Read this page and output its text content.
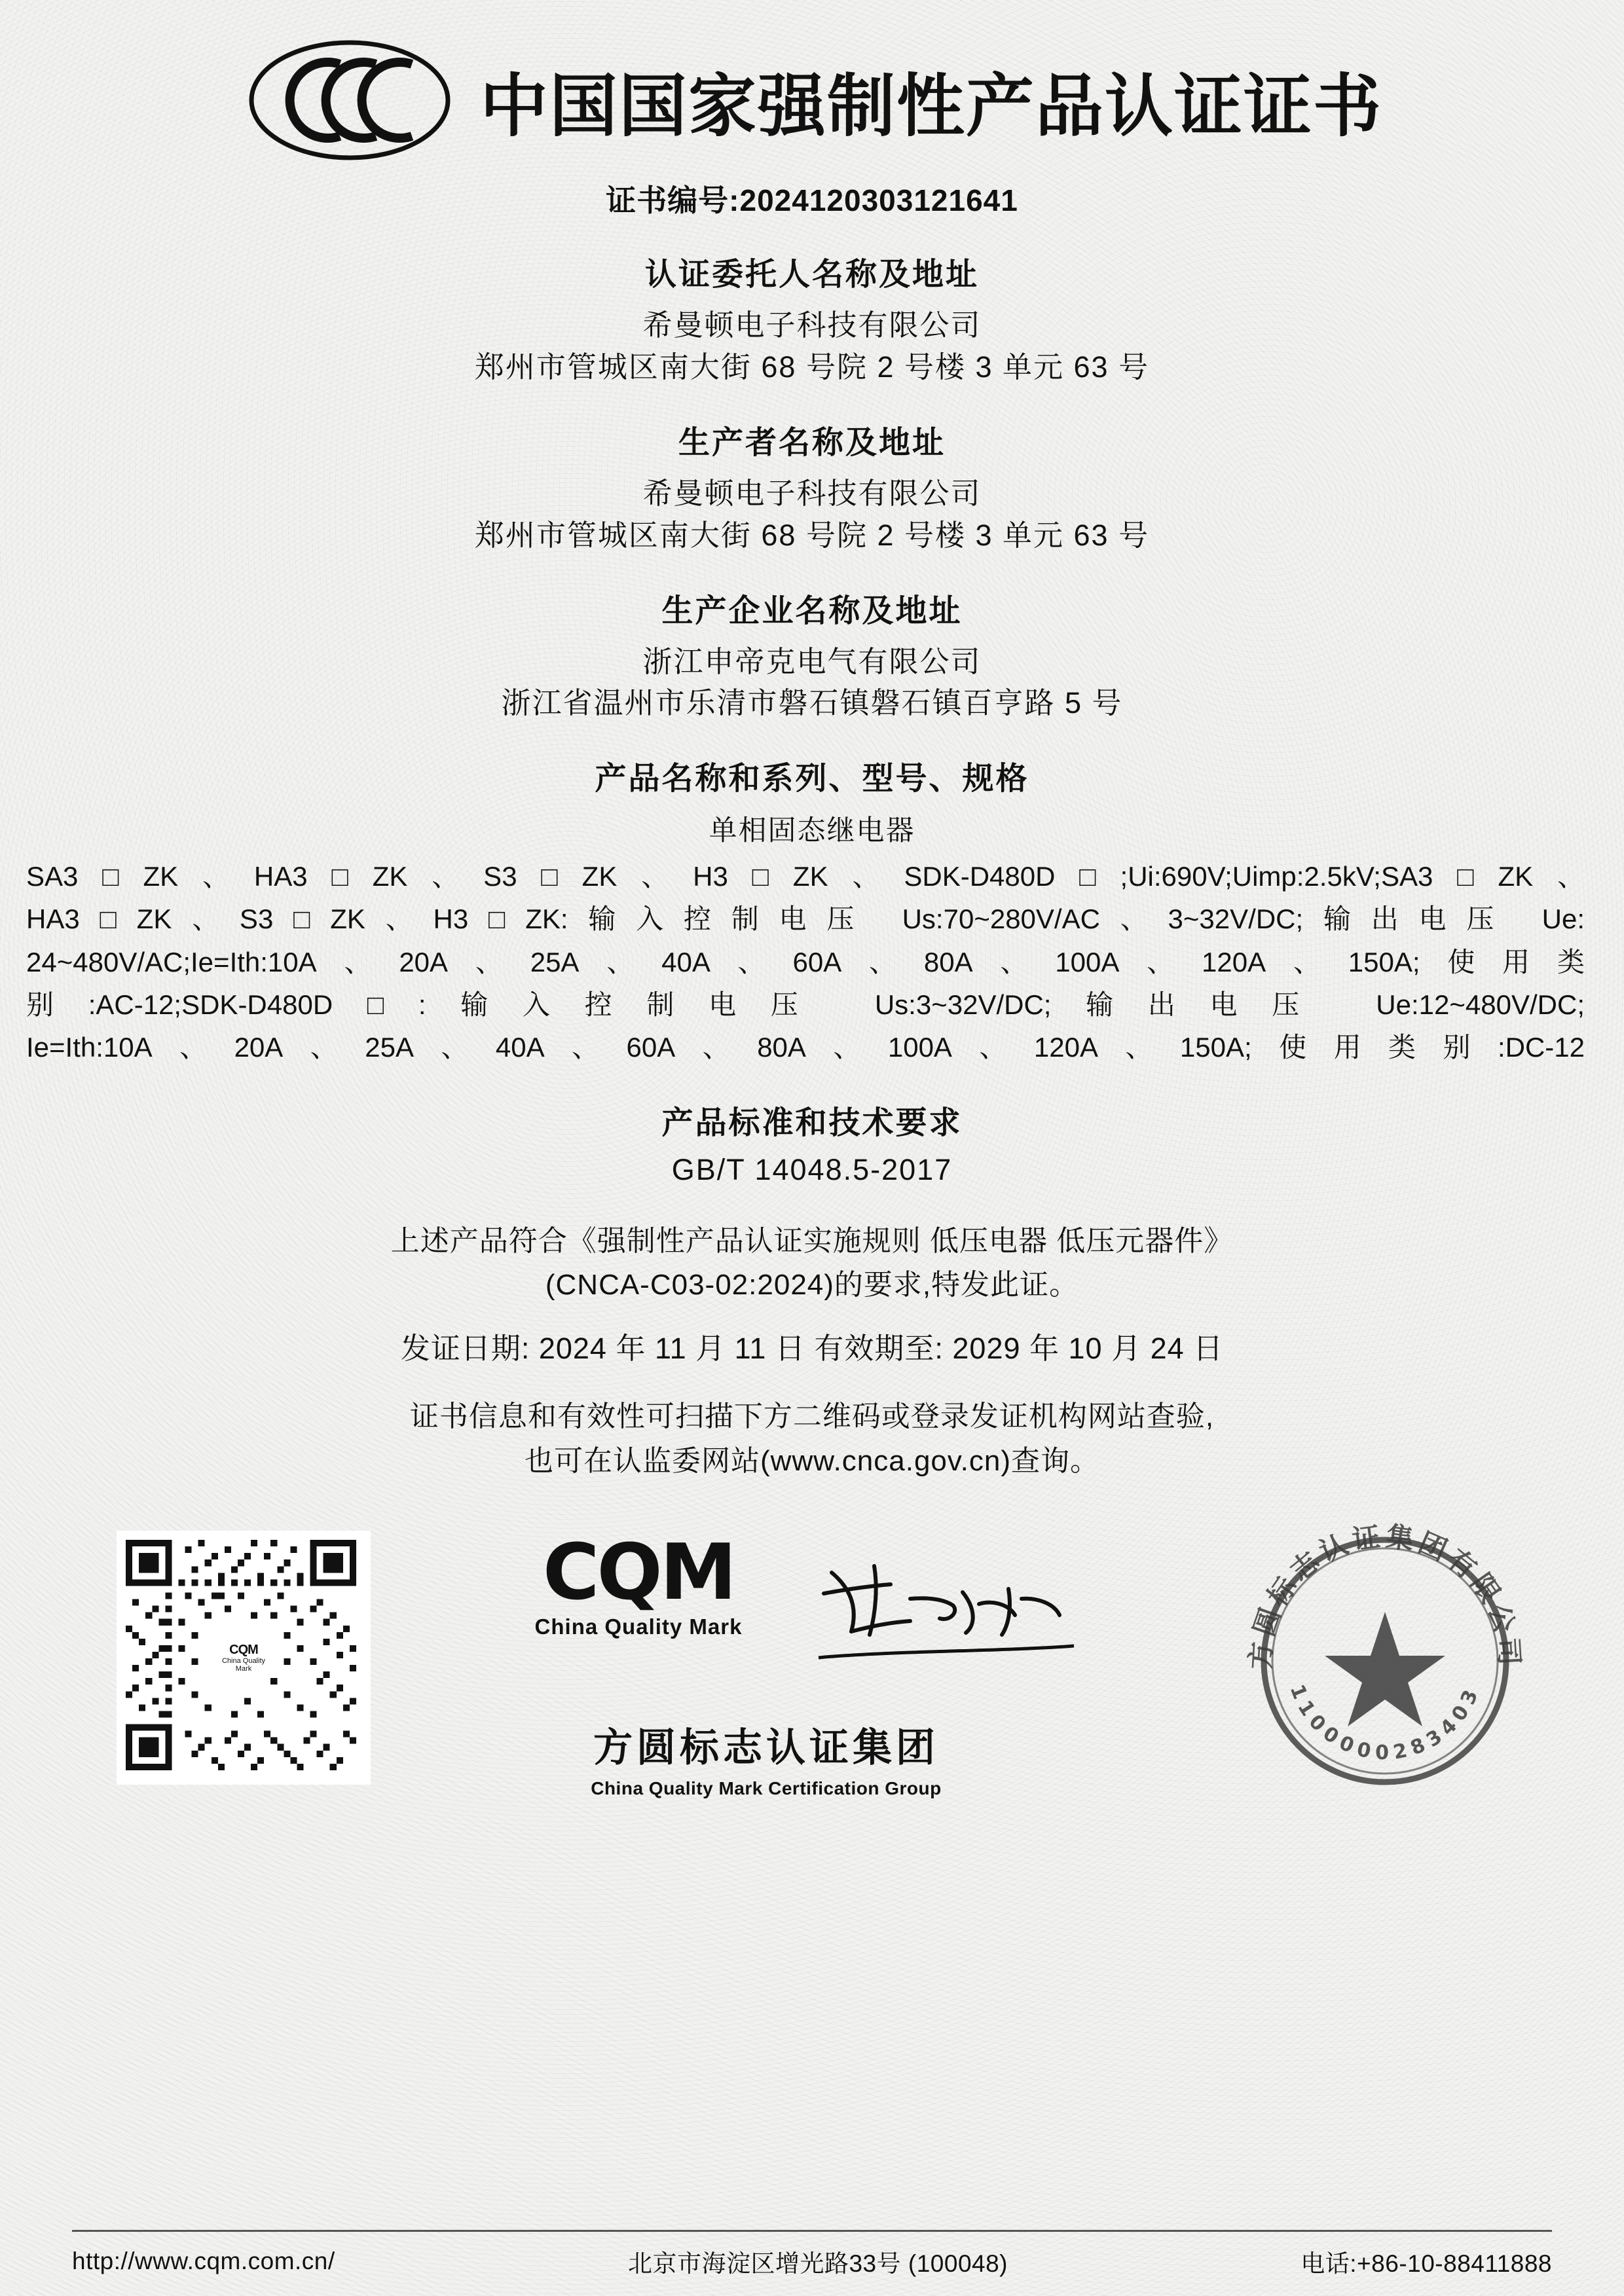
中国国家强制性产品认证证书
证书编号:2024120303121641
认证委托人名称及地址
希曼顿电子科技有限公司
郑州市管城区南大街 68 号院 2 号楼 3 单元 63 号
生产者名称及地址
希曼顿电子科技有限公司
郑州市管城区南大街 68 号院 2 号楼 3 单元 63 号
生产企业名称及地址
浙江申帝克电气有限公司
浙江省温州市乐清市磐石镇磐石镇百亨路 5 号
产品名称和系列、型号、规格
单相固态继电器
SA3□ZK、HA3□ZK、S3□ZK、H3□ZK、SDK-D480D□;Ui:690V;Uimp:2.5kV;SA3□ZK、
HA3□ZK、S3□ZK、H3□ZK:输入控制电压 Us:70~280V/AC、3~32V/DC;输出电压 Ue:
24~480V/AC;Ie=Ith:10A、20A、25A、40A、60A、80A、100A、120A、150A;使用类
别:AC-12;SDK-D480D□:输入控制电压 Us:3~32V/DC;输出电压 Ue:12~480V/DC;
Ie=Ith:10A、20A、25A、40A、60A、80A、100A、120A、150A;使用类别:DC-12
产品标准和技术要求
GB/T 14048.5-2017
上述产品符合《强制性产品认证实施规则 低压电器 低压元器件》
(CNCA-C03-02:2024)的要求,特发此证。
发证日期: 2024 年 11 月 11 日 有效期至: 2029 年 10 月 24 日
证书信息和有效性可扫描下方二维码或登录发证机构网站查验,
也可在认监委网站(www.cnca.gov.cn)查询。
CQM
China Quality Mark
CQM
China Quality Mark
方圆标志认证集团
China Quality Mark Certification Group
方圆标志认证集团有限公司
1100000283403
http://www.cqm.com.cn/	北京市海淀区增光路33号 (100048)	电话:+86-10-88411888
